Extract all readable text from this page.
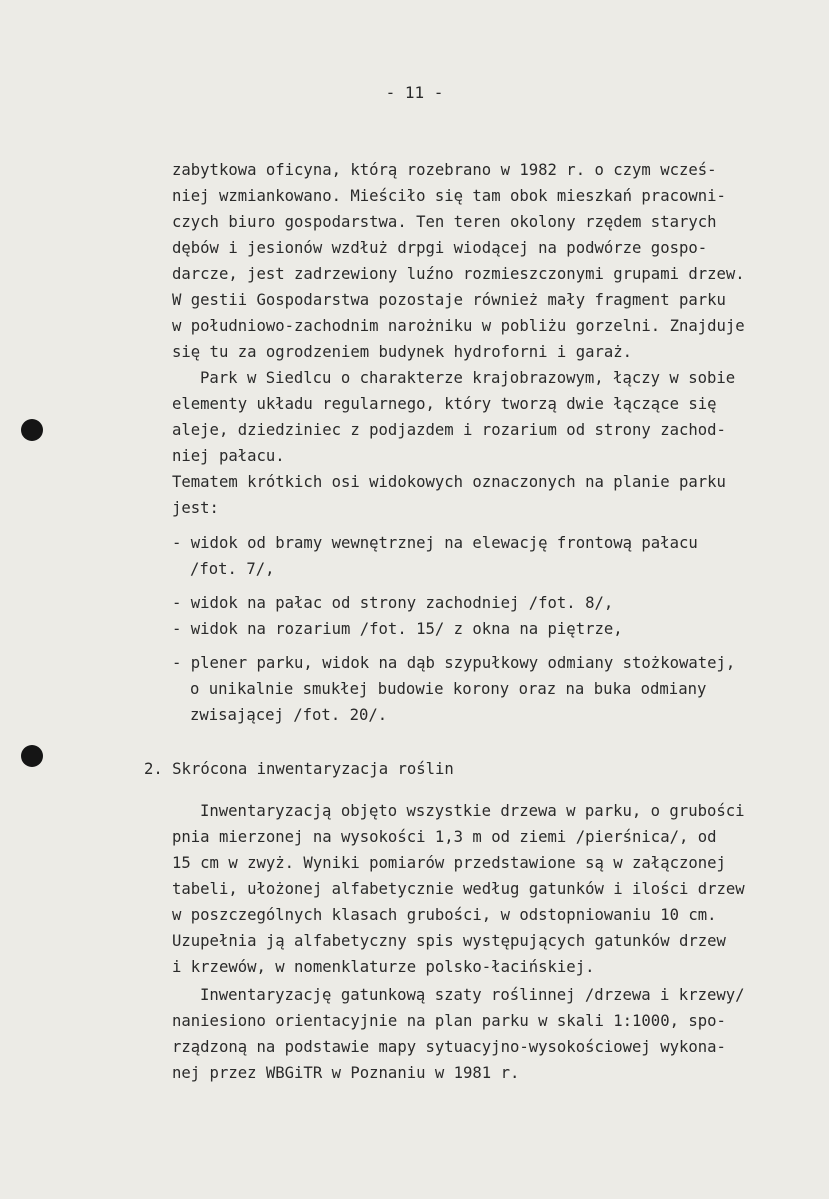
- 11 -
zabytkowa oficyna, którą rozebrano w 1982 r. o czym wcześ-
niej wzmiankowano. Mieściło się tam obok mieszkań pracowni-
czych biuro gospodarstwa. Ten teren okolony rzędem starych
dębów i jesionów wzdłuż drpgi wiodącej na podwórze gospo-
darcze, jest zadrzewiony luźno rozmieszczonymi grupami drzew.
W gestii Gospodarstwa pozostaje również mały fragment parku
w południowo-zachodnim narożniku w pobliżu gorzelni. Znajduje
się tu za ogrodzeniem budynek hydroforni i garaż.
Park w Siedlcu o charakterze krajobrazowym, łączy w sobie
elementy układu regularnego, który tworzą dwie łączące się
aleje, dziedziniec z podjazdem i rozarium od strony zachod-
niej pałacu.
Tematem krótkich osi widokowych oznaczonych na planie parku
jest:
- widok od bramy wewnętrznej na elewację frontową pałacu
/fot. 7/,
- widok na pałac od strony zachodniej /fot. 8/,
- widok na rozarium /fot. 15/ z okna na piętrze,
- plener parku, widok na dąb szypułkowy odmiany stożkowatej,
o unikalnie smukłej budowie korony oraz na buka odmiany
zwisającej /fot. 20/.
2. Skrócona inwentaryzacja roślin
Inwentaryzacją objęto wszystkie drzewa w parku, o grubości
pnia mierzonej na wysokości 1,3 m od ziemi /pierśnica/, od
15 cm w zwyż. Wyniki pomiarów przedstawione są w załączonej
tabeli, ułożonej alfabetycznie według gatunków i ilości drzew
w poszczególnych klasach grubości, w odstopniowaniu 10 cm.
Uzupełnia ją alfabetyczny spis występujących gatunków drzew
i krzewów, w nomenklaturze polsko-łacińskiej.
Inwentaryzację gatunkową szaty roślinnej /drzewa i krzewy/
naniesiono orientacyjnie na plan parku w skali 1:1000, spo-
rządzoną na podstawie mapy sytuacyjno-wysokościowej wykona-
nej przez WBGiTR w Poznaniu w 1981 r.
